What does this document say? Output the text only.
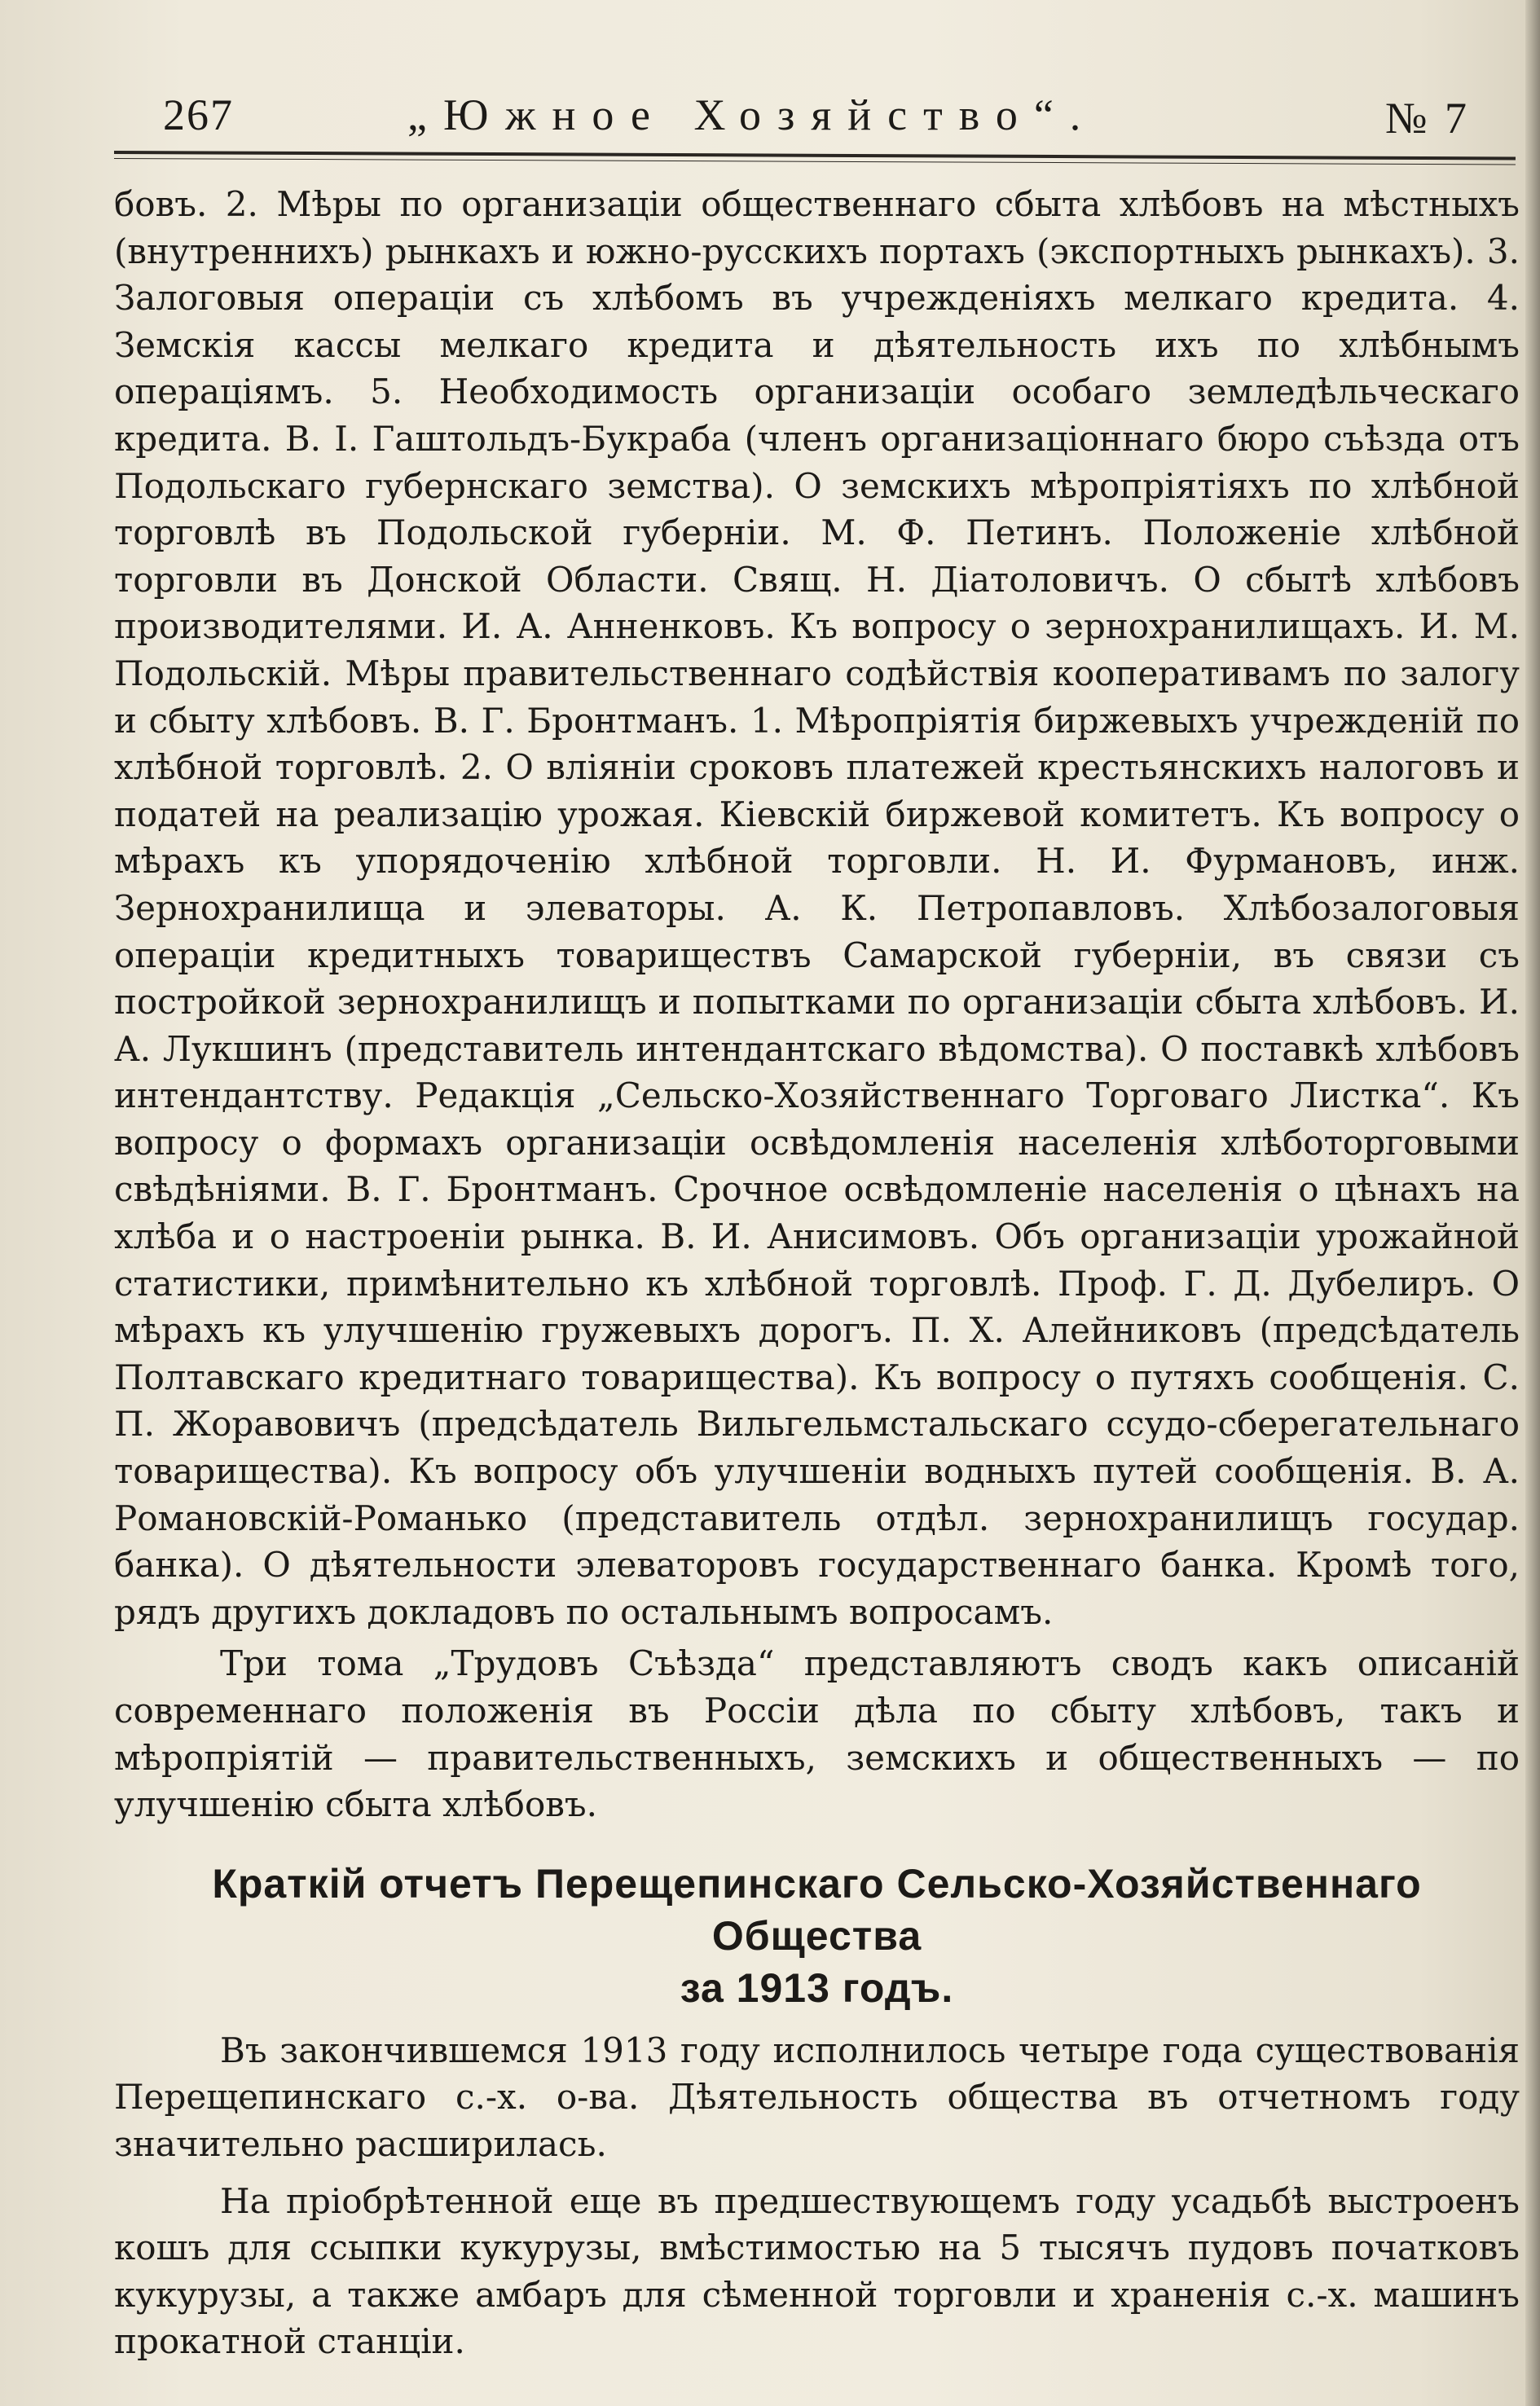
267	„Южное Хозяйство“.	№ 7

бовъ. 2. Мѣры по организаціи общественнаго сбыта хлѣбовъ на мѣстныхъ (внутреннихъ) рынкахъ и южно-русскихъ портахъ (экспортныхъ рынкахъ). 3. Залоговыя операціи съ хлѣбомъ въ учрежденіяхъ мелкаго кредита. 4. Земскія кассы мелкаго кредита и дѣятельность ихъ по хлѣбнымъ операціямъ. 5. Необходимость организаціи особаго земледѣльческаго кредита. В. І. Гаштольдъ-Букраба (членъ организаціоннаго бюро съѣзда отъ Подольскаго губернскаго земства). О земскихъ мѣропріятіяхъ по хлѣбной торговлѣ въ Подольской губерніи. М. Ф. Петинъ. Положеніе хлѣбной торговли въ Донской Области. Свящ. Н. Діатоловичъ. О сбытѣ хлѣбовъ производителями. И. А. Анненковъ. Къ вопросу о зернохранилищахъ. И. М. Подольскій. Мѣры правительственнаго содѣйствія кооперативамъ по залогу и сбыту хлѣбовъ. В. Г. Бронтманъ. 1. Мѣропріятія биржевыхъ учрежденій по хлѣбной торговлѣ. 2. О вліяніи сроковъ платежей крестьянскихъ налоговъ и податей на реализацію урожая. Кіевскій биржевой комитетъ. Къ вопросу о мѣрахъ къ упорядоченію хлѣбной торговли. Н. И. Фурмановъ, инж. Зернохранилища и элеваторы. А. К. Петропавловъ. Хлѣбозалоговыя операціи кредитныхъ товариществъ Самарской губерніи, въ связи съ постройкой зернохранилищъ и попытками по организаціи сбыта хлѣбовъ. И. А. Лукшинъ (представитель интендантскаго вѣдомства). О поставкѣ хлѣбовъ интендантству. Редакція „Сельско-Хозяйственнаго Торговаго Листка“. Къ вопросу о формахъ организаціи освѣдомленія населенія хлѣботорговыми свѣдѣніями. В. Г. Бронтманъ. Срочное освѣдомленіе населенія о цѣнахъ на хлѣба и о настроеніи рынка. В. И. Анисимовъ. Объ организаціи урожайной статистики, примѣнительно къ хлѣбной торговлѣ. Проф. Г. Д. Дубелиръ. О мѣрахъ къ улучшенію гружевыхъ дорогъ. П. Х. Алейниковъ (предсѣдатель Полтавскаго кредитнаго товарищества). Къ вопросу о путяхъ сообщенія. С. П. Жоравовичъ (предсѣдатель Вильгельмстальскаго ссудо-сберегательнаго товарищества). Къ вопросу объ улучшеніи водныхъ путей сообщенія. В. А. Романовскій-Романько (представитель отдѣл. зернохранилищъ государ. банка). О дѣятельности элеваторовъ государственнаго банка. Кромѣ того, рядъ другихъ докладовъ по остальнымъ вопросамъ.

Три тома „Трудовъ Съѣзда“ представляютъ сводъ какъ описаній современнаго положенія въ Россіи дѣла по сбыту хлѣбовъ, такъ и мѣропріятій — правительственныхъ, земскихъ и общественныхъ — по улучшенію сбыта хлѣбовъ.

Краткій отчетъ Перещепинскаго Сельско-Хозяйственнаго Общества
за 1913 годъ.

Въ закончившемся 1913 году исполнилось четыре года существованія Перещепинскаго с.-х. о-ва. Дѣятельность общества въ отчетномъ году значительно расширилась.

На пріобрѣтенной еще въ предшествующемъ году усадьбѣ выстроенъ кошъ для ссыпки кукурузы, вмѣстимостью на 5 тысячъ пудовъ початковъ кукурузы, а также амбаръ для сѣменной торговли и храненія с.-х. машинъ прокатной станціи.
